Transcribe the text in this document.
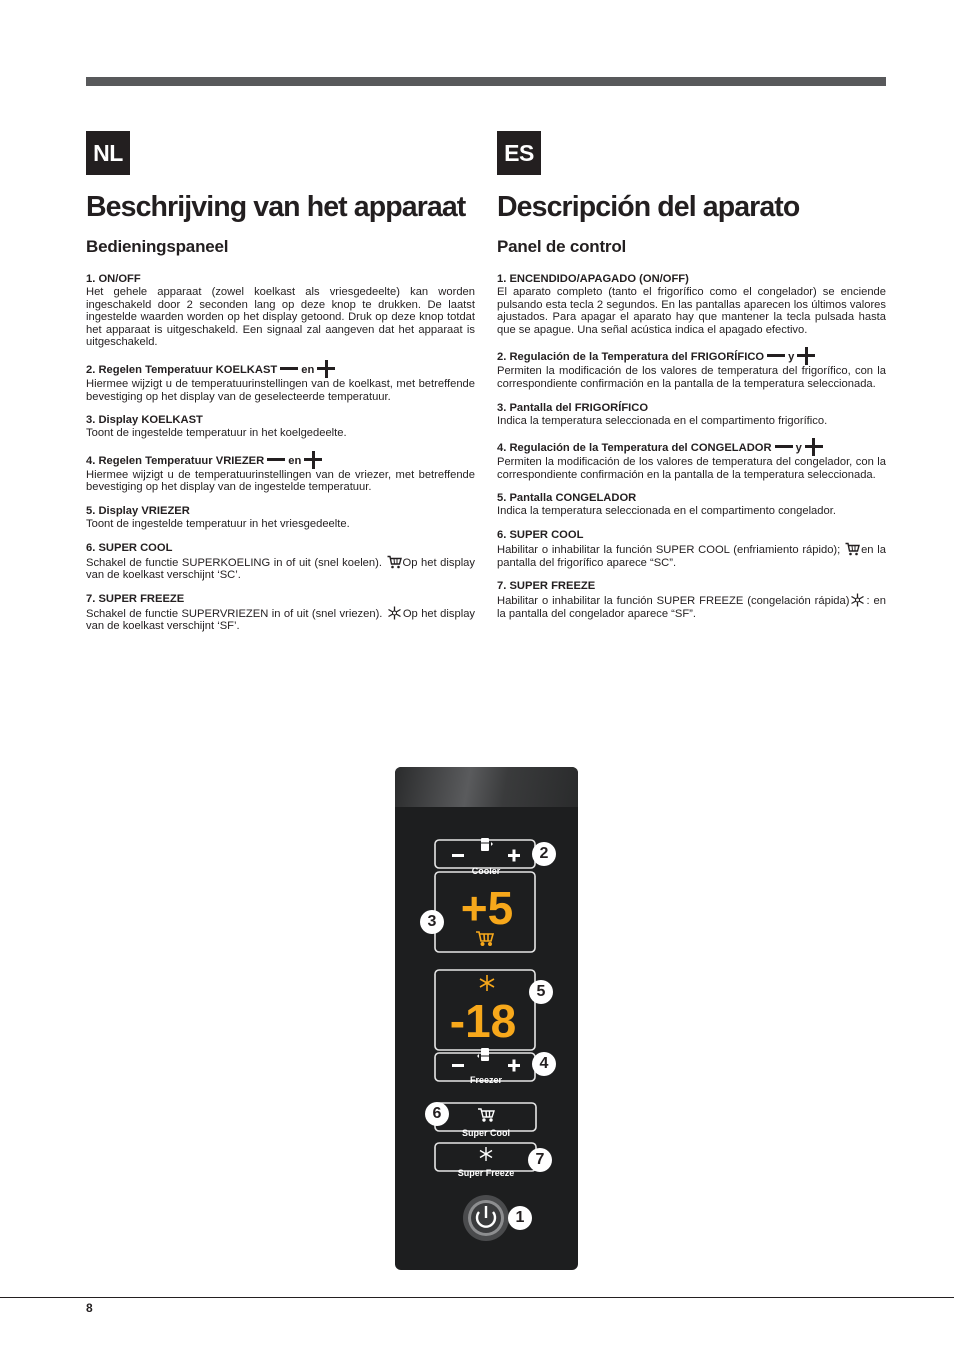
NL
Beschrijving van het apparaat
Bedieningspaneel
1. ON/OFF
Het gehele apparaat (zowel koelkast als vriesgedeelte) kan worden ingeschakeld door 2 seconden lang op deze knop te drukken. De laatst ingestelde waarden worden op het display getoond. Druk op deze knop totdat het apparaat is uitgeschakeld. Een signaal zal aangeven dat het apparaat is uitgeschakeld.
2. Regelen Temperatuur KOELKAST en
Hiermee wijzigt u de temperatuurinstellingen van de koelkast, met betreffende bevestiging op het display van de geselecteerde temperatuur.
3. Display KOELKAST
Toont de ingestelde temperatuur in het koelgedeelte.
4. Regelen Temperatuur VRIEZER en
Hiermee wijzigt u de temperatuurinstellingen van de vriezer, met betreffende bevestiging op het display van de ingestelde temperatuur.
5. Display VRIEZER
Toont de ingestelde temperatuur in het vriesgedeelte.
6. SUPER COOL
Schakel de functie SUPERKOELING in of uit (snel koelen). Op het display van de koelkast verschijnt ‘SC’.
7. SUPER FREEZE
Schakel de functie SUPERVRIEZEN in of uit (snel vriezen). Op het display van de koelkast verschijnt ‘SF’.
ES
Descripción del aparato
Panel de control
1. ENCENDIDO/APAGADO (ON/OFF)
El aparato completo (tanto el frigorífico como el congelador) se enciende pulsando esta tecla 2 segundos. En las pantallas aparecen los últimos valores ajustados. Para apagar el aparato hay que mantener la tecla pulsada hasta que se apague. Una señal acústica indica el apagado efectivo.
2. Regulación de la Temperatura del FRIGORÍFICO y
Permiten la modificación de los valores de temperatura del frigorífico, con la correspondiente confirmación en la pantalla de la temperatura seleccionada.
3. Pantalla del FRIGORÍFICO
Indica la temperatura seleccionada en el compartimento frigorífico.
4. Regulación de la Temperatura del CONGELADOR y
Permiten la modificación de los valores de temperatura del congelador, con la correspondiente confirmación en la pantalla de la temperatura seleccionada.
5. Pantalla CONGELADOR
Indica la temperatura seleccionada en el compartimento congelador.
6. SUPER COOL
Habilitar o inhabilitar la función SUPER COOL (enfriamiento rápido); en la pantalla del frigorífico aparece “SC”.
7. SUPER FREEZE
Habilitar o inhabilitar la función SUPER FREEZE (congelación rápida) : en la pantalla del congelador aparece “SF”.
Cooler
Freezer
Super Cool
Super Freeze
+5
-18
2
3
5
4
6
7
1
8
